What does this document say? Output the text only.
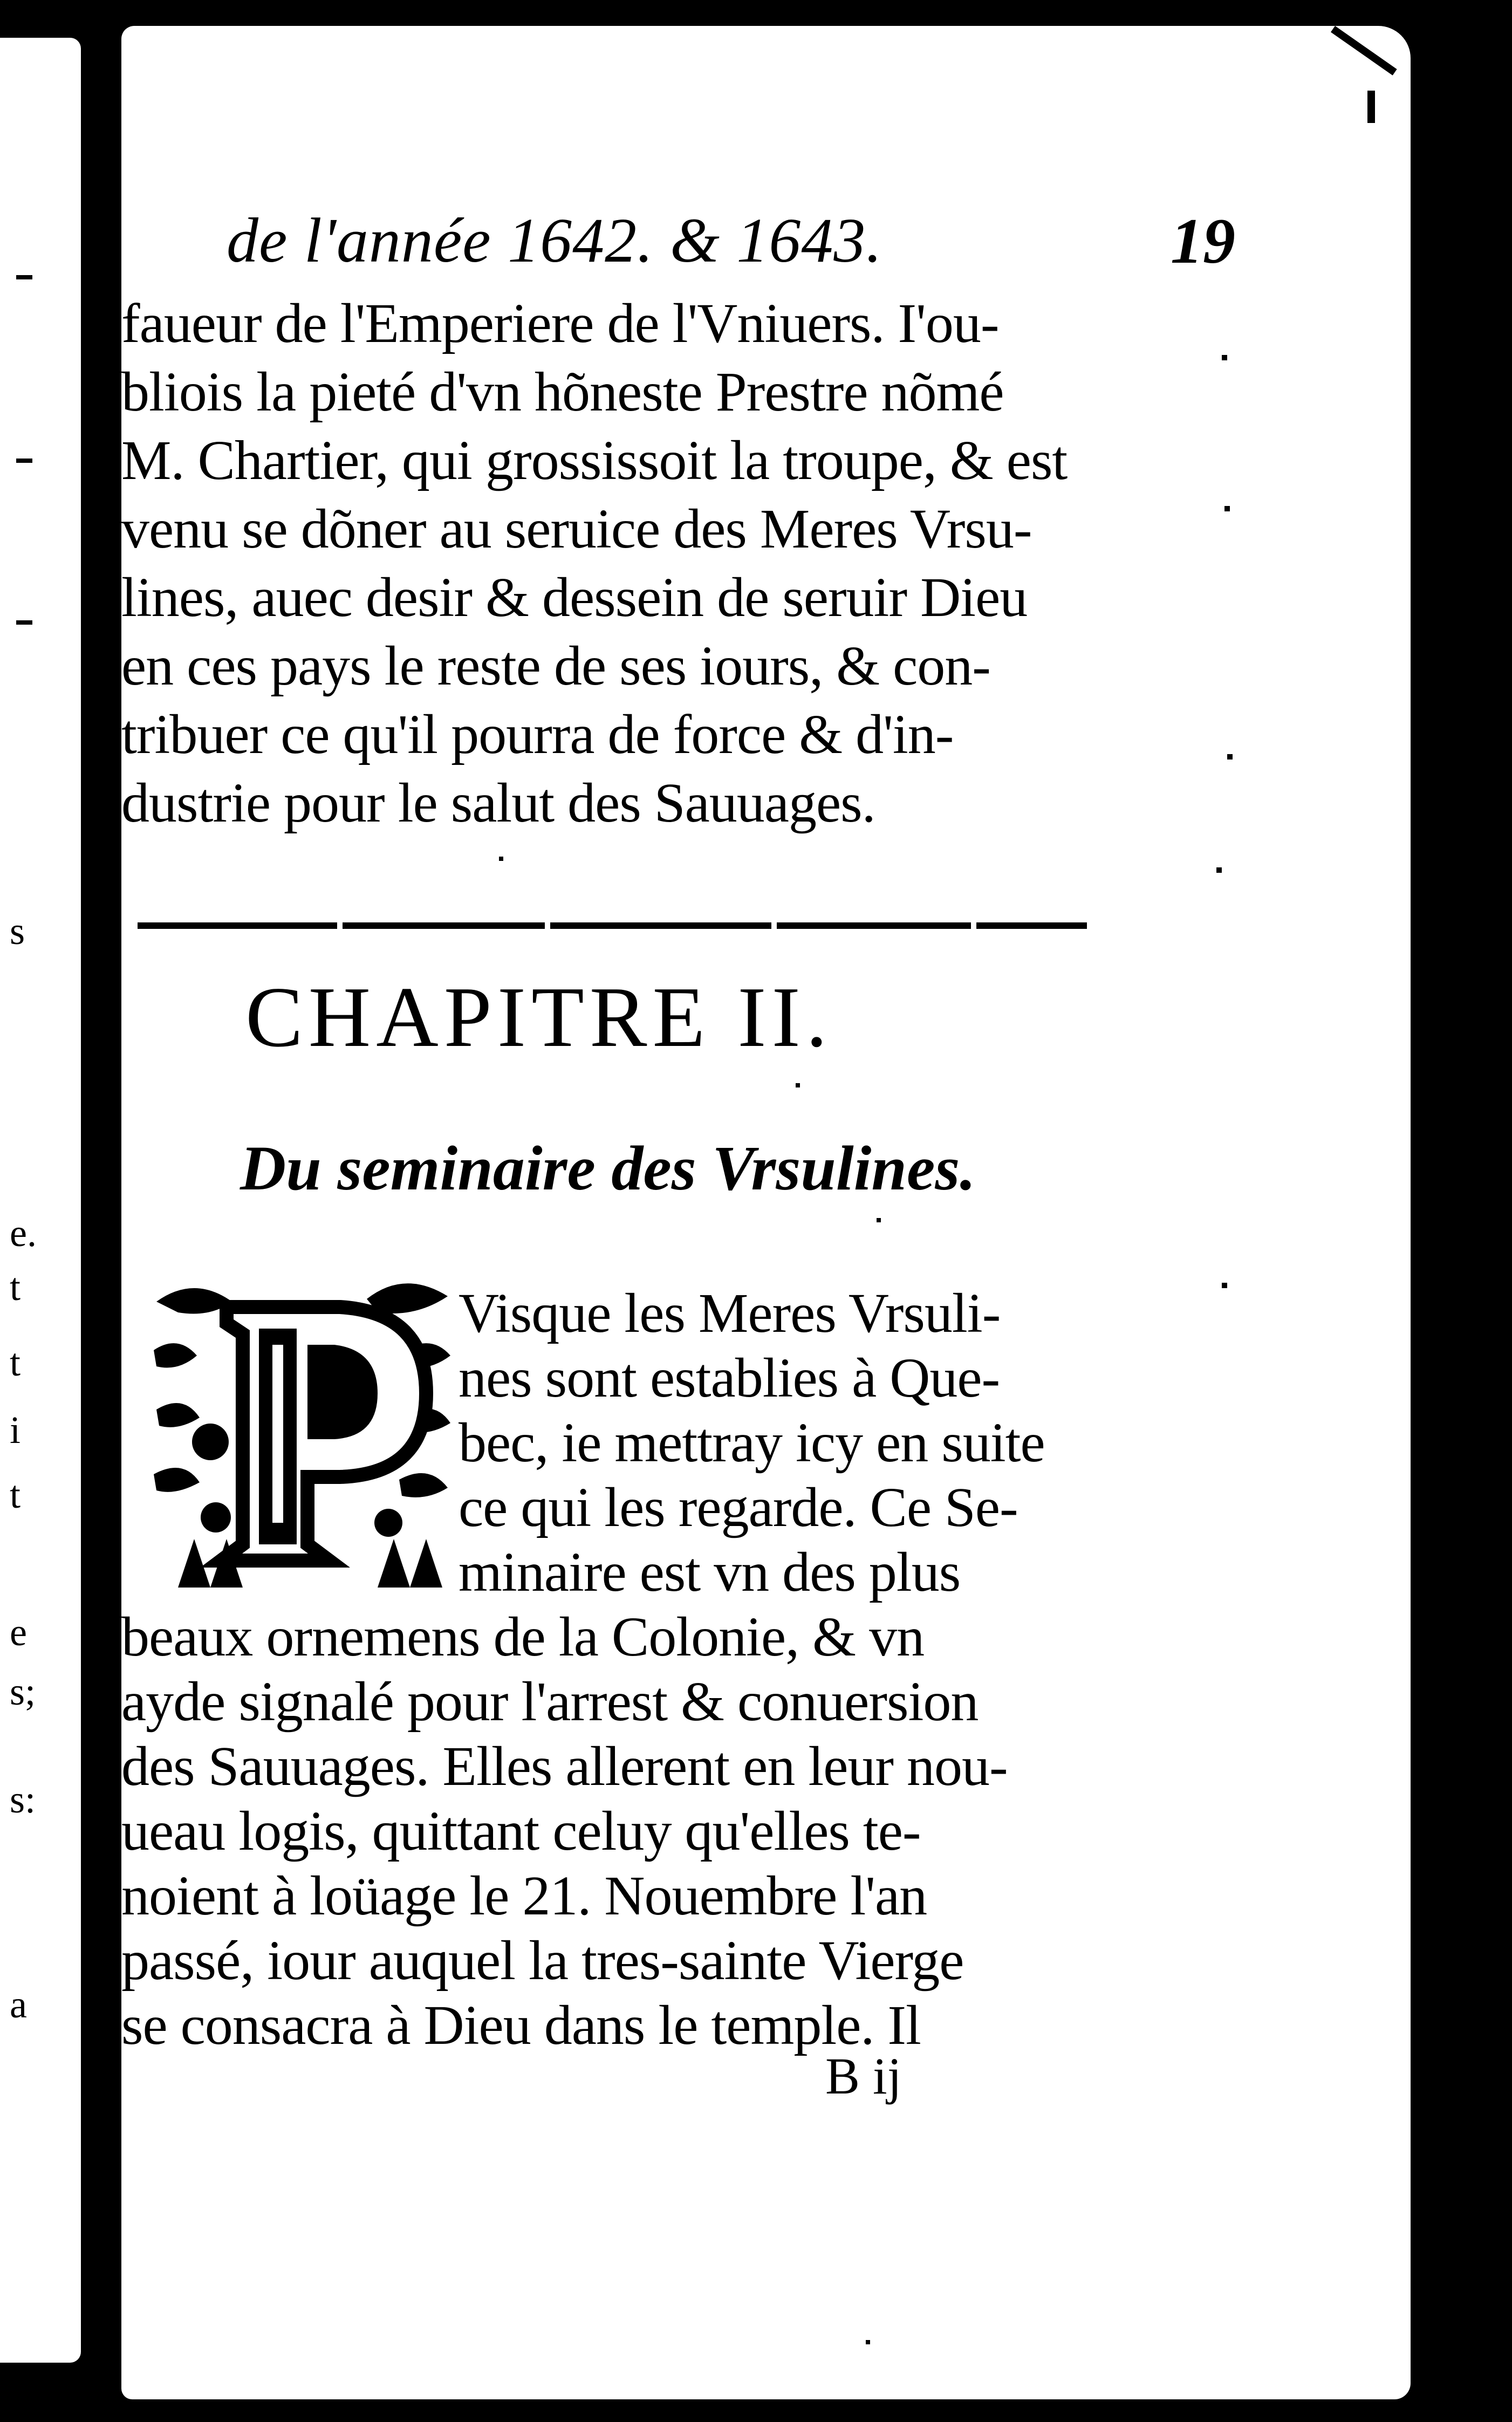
s
e.
t
t
i
t
e
s;
s:
a
de l'année 1642. & 1643.	19
faueur de l'Emperiere de l'Vniuers. I'ou-
bliois la pieté d'vn hõneste Prestre nõmé
M. Chartier, qui grossissoit la troupe, & est
venu se dõner au seruice des Meres Vrsu-
lines, auec desir & dessein de seruir Dieu
en ces pays le reste de ses iours, & con-
tribuer ce qu'il pourra de force & d'in-
dustrie pour le salut des Sauuages.
CHAPITRE II.
Du seminaire des Vrsulines.
Visque les Meres Vrsuli-
nes sont establies à Que-
bec, ie mettray icy en suite
ce qui les regarde. Ce Se-
minaire est vn des plus
beaux ornemens de la Colonie, & vn
ayde signalé pour l'arrest & conuersion
des Sauuages. Elles allerent en leur nou-
ueau logis, quittant celuy qu'elles te-
noient à loüage le 21. Nouembre l'an
passé, iour auquel la tres-sainte Vierge
se consacra à Dieu dans le temple. Il
B ij
